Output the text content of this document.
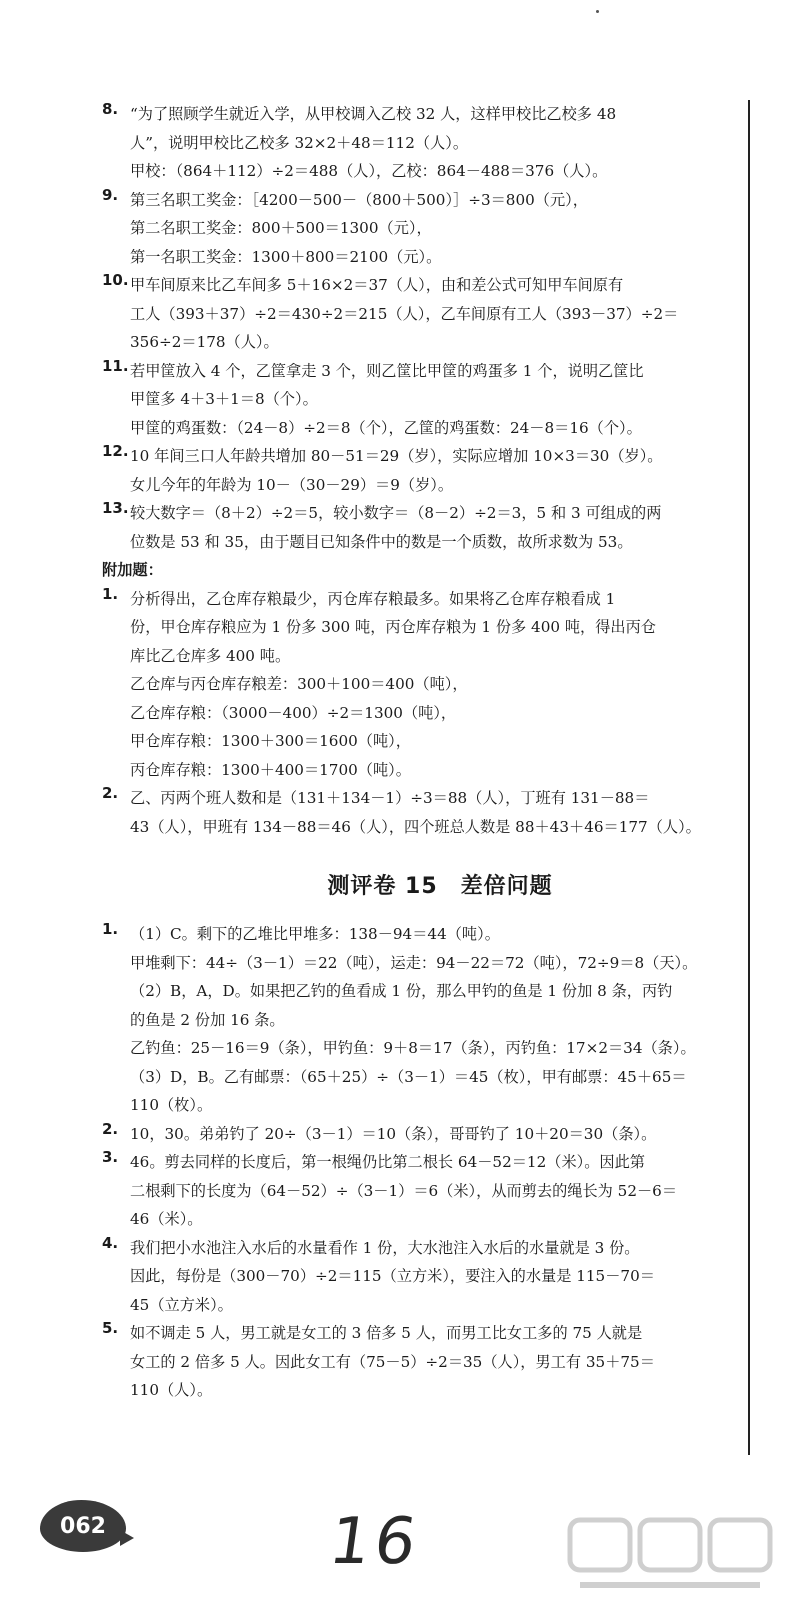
8. “为了照顾学生就近入学，从甲校调入乙校 32 人，这样甲校比乙校多 48
人”，说明甲校比乙校多 32×2＋48＝112（人）。
甲校：（864＋112）÷2＝488（人），乙校：864－488＝376（人）。
9. 第三名职工奖金：［4200－500－（800＋500）］÷3＝800（元），
第二名职工奖金：800＋500＝1300（元），
第一名职工奖金：1300＋800＝2100（元）。
10. 甲车间原来比乙车间多 5＋16×2＝37（人），由和差公式可知甲车间原有
工人（393＋37）÷2＝430÷2＝215（人），乙车间原有工人（393－37）÷2＝
356÷2＝178（人）。
11. 若甲筐放入 4 个，乙筐拿走 3 个，则乙筐比甲筐的鸡蛋多 1 个，说明乙筐比
甲筐多 4＋3＋1＝8（个）。
甲筐的鸡蛋数：（24－8）÷2＝8（个），乙筐的鸡蛋数：24－8＝16（个）。
12. 10 年间三口人年龄共增加 80－51＝29（岁），实际应增加 10×3＝30（岁）。
女儿今年的年龄为 10－（30－29）＝9（岁）。
13. 较大数字＝（8＋2）÷2＝5，较小数字＝（8－2）÷2＝3，5 和 3 可组成的两
位数是 53 和 35，由于题目已知条件中的数是一个质数，故所求数为 53。
附加题：
1. 分析得出，乙仓库存粮最少，丙仓库存粮最多。如果将乙仓库存粮看成 1
份，甲仓库存粮应为 1 份多 300 吨，丙仓库存粮为 1 份多 400 吨，得出丙仓
库比乙仓库多 400 吨。
乙仓库与丙仓库存粮差：300＋100＝400（吨），
乙仓库存粮：（3000－400）÷2＝1300（吨），
甲仓库存粮：1300＋300＝1600（吨），
丙仓库存粮：1300＋400＝1700（吨）。
2. 乙、丙两个班人数和是（131＋134－1）÷3＝88（人），丁班有 131－88＝
43（人），甲班有 134－88＝46（人），四个班总人数是 88＋43＋46＝177（人）。
测评卷 15　差倍问题
1. （1）C。剩下的乙堆比甲堆多：138－94＝44（吨）。
甲堆剩下：44÷（3－1）＝22（吨），运走：94－22＝72（吨），72÷9＝8（天）。
（2）B，A，D。如果把乙钓的鱼看成 1 份，那么甲钓的鱼是 1 份加 8 条，丙钓
的鱼是 2 份加 16 条。
乙钓鱼：25－16＝9（条），甲钓鱼：9＋8＝17（条），丙钓鱼：17×2＝34（条）。
（3）D，B。乙有邮票：（65＋25）÷（3－1）＝45（枚），甲有邮票：45＋65＝
110（枚）。
2. 10，30。弟弟钓了 20÷（3－1）＝10（条），哥哥钓了 10＋20＝30（条）。
3. 46。剪去同样的长度后，第一根绳仍比第二根长 64－52＝12（米）。因此第
二根剩下的长度为（64－52）÷（3－1）＝6（米），从而剪去的绳长为 52－6＝
46（米）。
4. 我们把小水池注入水后的水量看作 1 份，大水池注入水后的水量就是 3 份。
因此，每份是（300－70）÷2＝115（立方米），要注入的水量是 115－70＝
45（立方米）。
5. 如不调走 5 人，男工就是女工的 3 倍多 5 人，而男工比女工多的 75 人就是
女工的 2 倍多 5 人。因此女工有（75－5）÷2＝35（人），男工有 35＋75＝
110（人）。
062	16
